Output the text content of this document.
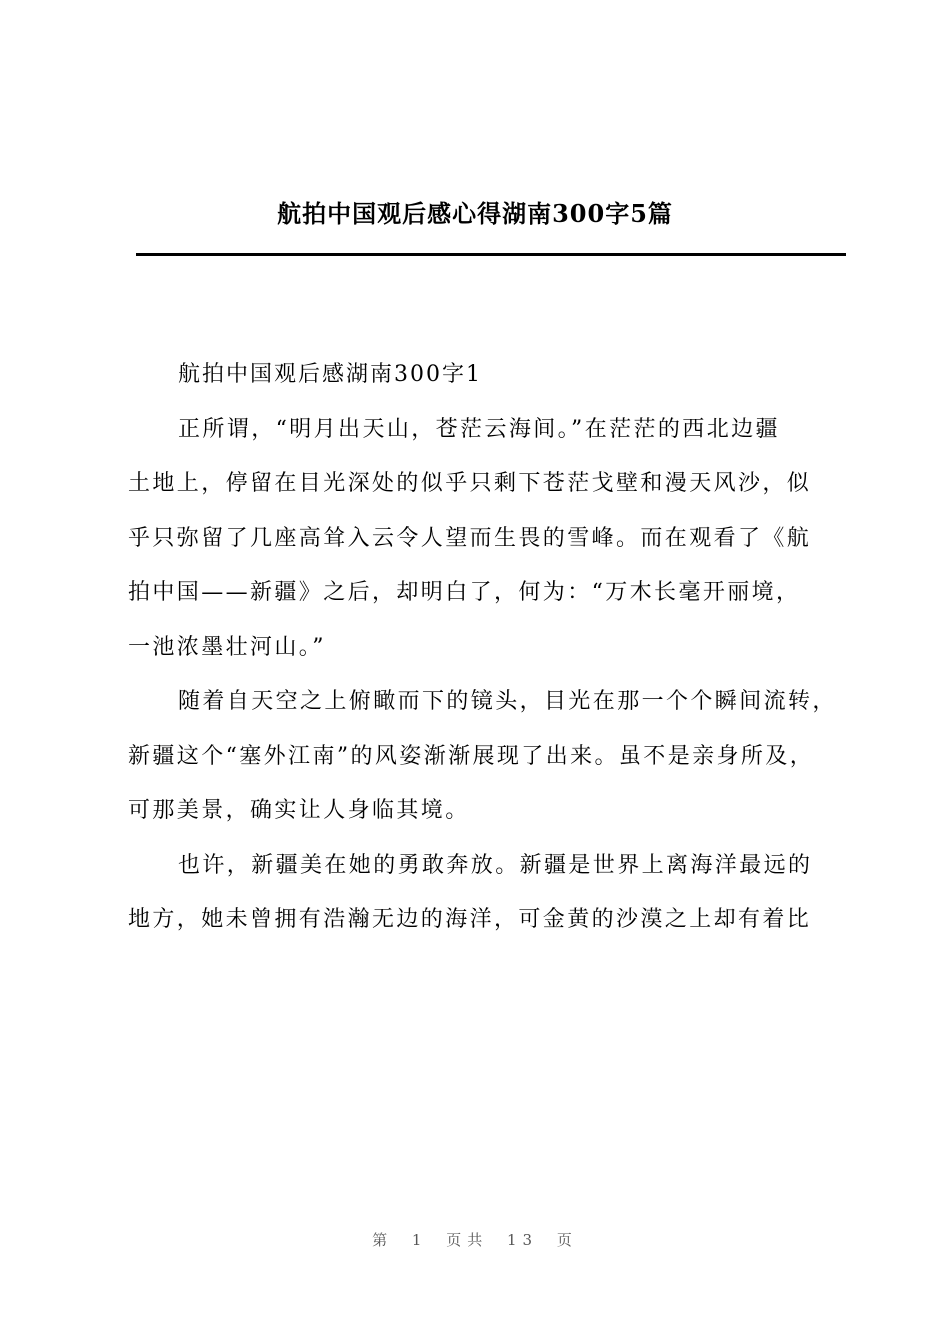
航拍中国观后感心得湖南300字5篇
航拍中国观后感湖南300字1
正所谓，“明月出天山，苍茫云海间。”在茫茫的西北边疆
土地上，停留在目光深处的似乎只剩下苍茫戈壁和漫天风沙，似
乎只弥留了几座高耸入云令人望而生畏的雪峰。而在观看了《航
拍中国——新疆》之后，却明白了，何为：“万木长毫开丽境，
一池浓墨壮河山。”
随着自天空之上俯瞰而下的镜头，目光在那一个个瞬间流转，
新疆这个“塞外江南”的风姿渐渐展现了出来。虽不是亲身所及，
可那美景，确实让人身临其境。
也许，新疆美在她的勇敢奔放。新疆是世界上离海洋最远的
地方，她未曾拥有浩瀚无边的海洋，可金黄的沙漠之上却有着比
第 1 页共 13 页
